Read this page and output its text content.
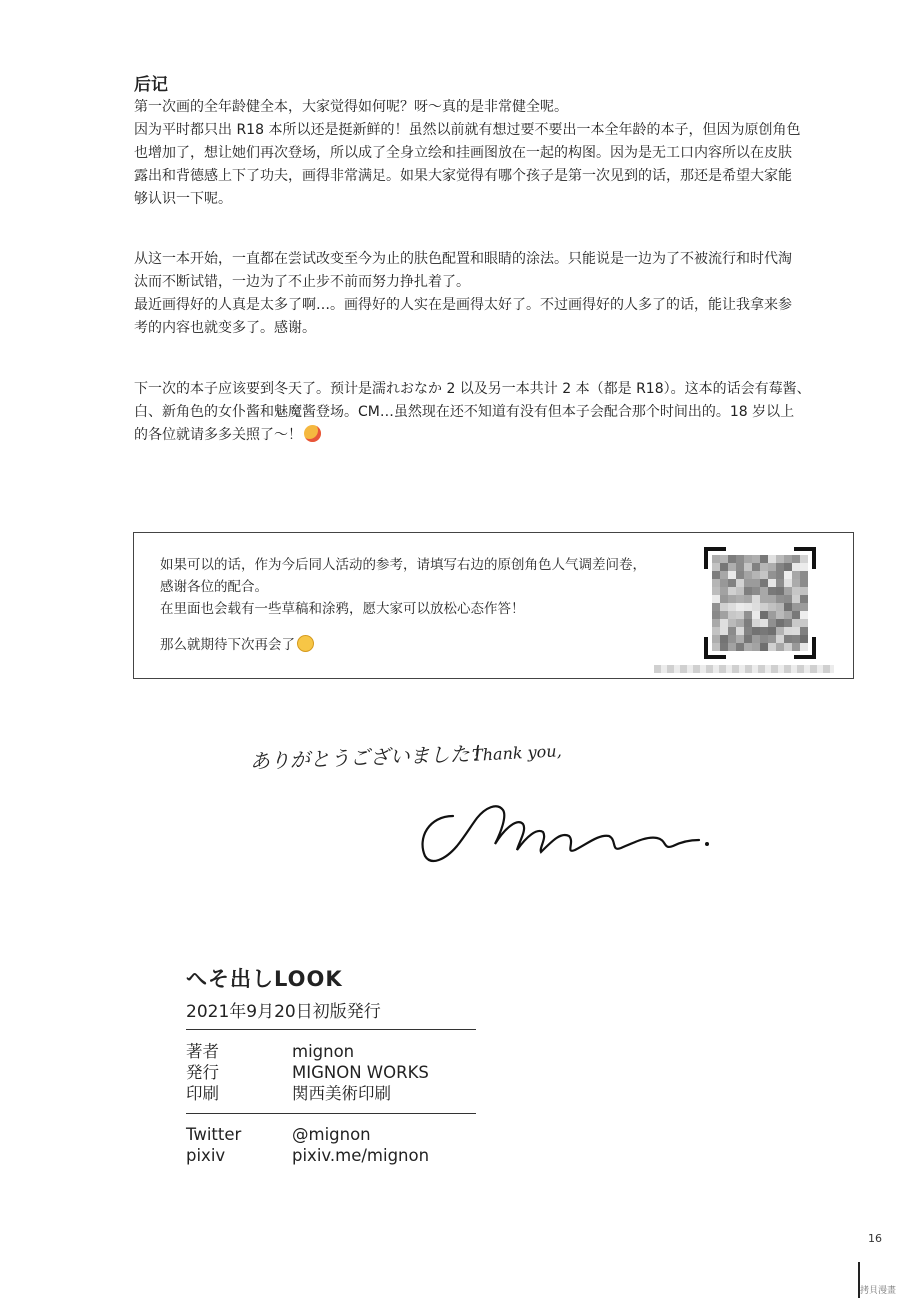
后记
第一次画的全年龄健全本，大家觉得如何呢？呀～真的是非常健全呢。
因为平时都只出 R18 本所以还是挺新鲜的！虽然以前就有想过要不要出一本全年龄的本子，但因为原创角色
也增加了，想让她们再次登场，所以成了全身立绘和挂画图放在一起的构图。因为是无工口内容所以在皮肤
露出和背德感上下了功夫，画得非常满足。如果大家觉得有哪个孩子是第一次见到的话，那还是希望大家能
够认识一下呢。
从这一本开始，一直都在尝试改变至今为止的肤色配置和眼睛的涂法。只能说是一边为了不被流行和时代淘
汰而不断试错，一边为了不止步不前而努力挣扎着了。
最近画得好的人真是太多了啊…。画得好的人实在是画得太好了。不过画得好的人多了的话，能让我拿来参
考的内容也就变多了。感谢。
下一次的本子应该要到冬天了。预计是濡れおなか 2 以及另一本共计 2 本（都是 R18）。这本的话会有莓酱、
白、新角色的女仆酱和魅魔酱登场。CM…虽然现在还不知道有没有但本子会配合那个时间出的。18 岁以上
的各位就请多多关照了～！
如果可以的话，作为今后同人活动的参考，请填写右边的原创角色人气调差问卷，
感谢各位的配合。
在里面也会载有一些草稿和涂鸦，愿大家可以放松心态作答！
那么就期待下次再会了
ありがとうございました！
Thank you,
へそ出しLOOK
2021年9月20日初版発行
著者	mignon
発行	MIGNON WORKS
印刷	関西美術印刷
Twitter	@mignon
pixiv	pixiv.me/mignon
16
拷貝漫畫
